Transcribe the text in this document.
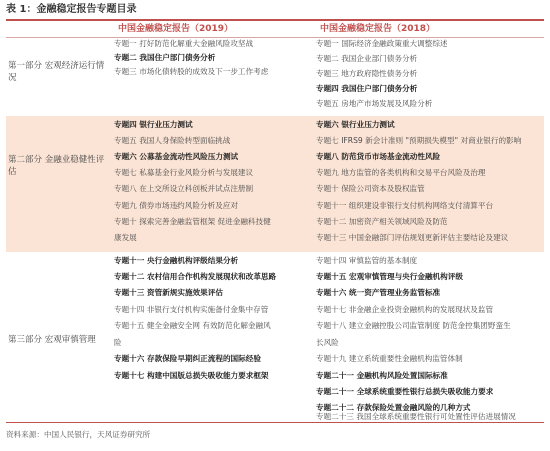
表 1：金融稳定报告专题目录
中国金融稳定报告（2019）	中国金融稳定报告（2018）
第一部分 宏观经济运行情况
专题一 打好防范化解重大金融风险攻坚战
专题二 我国住户部门债务分析
专题三 市场化债转股的成效及下一步工作考虑
专题一 国际经济金融政策重大调整综述
专题二 我国企业部门债务分析
专题三 地方政府隐性债务分析
专题四 我国住户部门债务分析
专题五 房地产市场发展及风险分析
第二部分 金融业稳健性评估
专题四 银行业压力测试
专题五 我国人身保险转型面临挑战
专题六 公募基金流动性风险压力测试
专题七 私募基金行业风险分析与发展建议
专题八 在上交所设立科创板并试点注册制
专题九 债券市场违约风险分析及应对
专题十 探索完善金融监管框架 促进金融科技健
康发展
专题六 银行业压力测试
专题七 IFRS9 新会计准则 "预期损失模型" 对商业银行的影响
专题八 防范货币市场基金流动性风险
专题九 地方监管的各类机构和交易平台风险及治理
专题十 保险公司资本及股权监管
专题十一 组织建设非银行支付机构网络支付清算平台
专题十二 加密资产相关领域风险及防范
专题十三 中国金融部门评估规划更新评估主要结论及建议
第三部分 宏观审慎管理
专题十一 央行金融机构评级结果分析
专题十二 农村信用合作机构发展现状和改革思路
专题十三 资管新规实施效果评估
专题十四 非银行支付机构实施备付金集中存管
专题十五 健全金融安全网 有效防范化解金融风
险
专题十六 存款保险早期纠正流程的国际经验
专题十七 构建中国版总损失吸收能力要求框架
专题十四 审慎监管的基本制度
专题十五 宏观审慎管理与央行金融机构评级
专题十六 统一资产管理业务监管标准
专题十七 非金融企业投资金融机构的发展现状及监管
专题十八 建立金融控股公司监管制度 防范金控集团野蛮生
长风险
专题十九 建立系统重要性金融机构监管体制
专题二十一 金融机构风险处置国际标准
专题二十一 全球系统重要性银行总损失吸收能力要求
专题二十二 存款保险处置金融风险的几种方式
专题二十三 我国全球系统重要性银行可处置性评估进展情况
资料来源：中国人民银行，天风证券研究所
